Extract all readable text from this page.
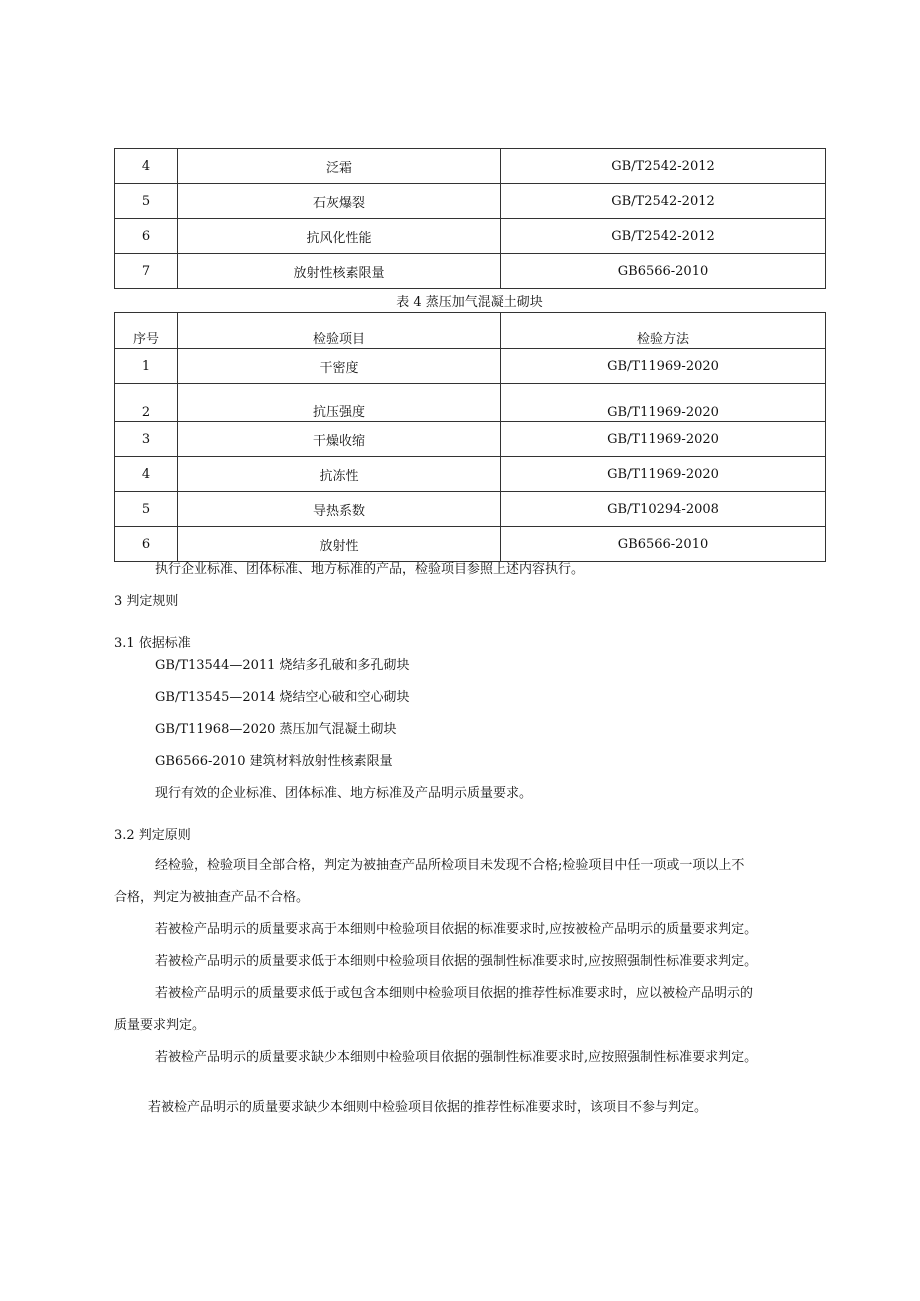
4	泛霜	GB/T2542-2012
5	石灰爆裂	GB/T2542-2012
6	抗风化性能	GB/T2542-2012
7	放射性核素限量	GB6566-2010
表 4 蒸压加气混凝土砌块
序号	检验项目	检验方法
1	干密度	GB/T11969-2020
2	抗压强度	GB/T11969-2020
3	干燥收缩	GB/T11969-2020
4	抗冻性	GB/T11969-2020
5	导热系数	GB/T10294-2008
6	放射性	GB6566-2010
执行企业标准、团体标准、地方标准的产品，检验项目参照上述内容执行。
3 判定规则
3.1 依据标准
GB/T13544—2011 烧结多孔破和多孔砌块
GB/T13545—2014 烧结空心破和空心砌块
GB/T11968—2020 蒸压加气混凝土砌块
GB6566-2010 建筑材料放射性核素限量
现行有效的企业标准、团体标准、地方标准及产品明示质量要求。
3.2 判定原则
经检验，检验项目全部合格，判定为被抽查产品所检项目未发现不合格;检验项目中任一项或一项以上不
合格，判定为被抽查产品不合格。
若被检产品明示的质量要求高于本细则中检验项目依据的标准要求时,应按被检产品明示的质量要求判定。
若被检产品明示的质量要求低于本细则中检验项目依据的强制性标准要求时,应按照强制性标准要求判定。
若被检产品明示的质量要求低于或包含本细则中检验项目依据的推荐性标准要求时，应以被检产品明示的
质量要求判定。
若被检产品明示的质量要求缺少本细则中检验项目依据的强制性标准要求时,应按照强制性标准要求判定。
若被检产品明示的质量要求缺少本细则中检验项目依据的推荐性标准要求时，该项目不参与判定。
